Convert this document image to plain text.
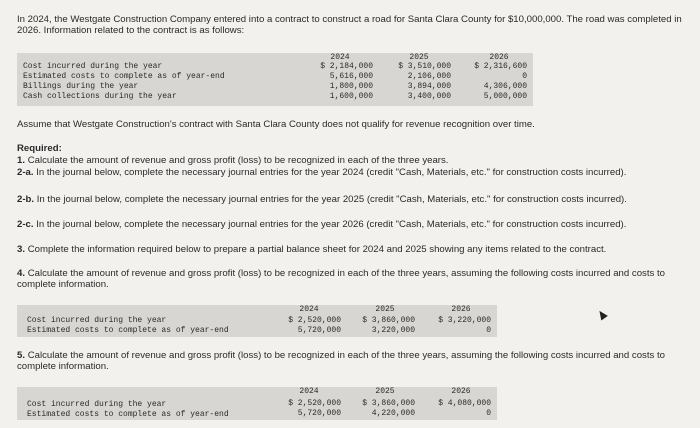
In 2024, the Westgate Construction Company entered into a contract to construct a road for Santa Clara County for $10,000,000. The road was completed in 2026. Information related to the contract is as follows:

2024	2025	2026
Cost incurred during the year	$ 2,184,000	$ 3,510,000	$ 2,316,600
Estimated costs to complete as of year-end	5,616,000	2,106,000	0
Billings during the year	1,800,000	3,894,000	4,306,000
Cash collections during the year	1,600,000	3,400,000	5,000,000

Assume that Westgate Construction's contract with Santa Clara County does not qualify for revenue recognition over time.

Required:

1. Calculate the amount of revenue and gross profit (loss) to be recognized in each of the three years.

2-a. In the journal below, complete the necessary journal entries for the year 2024 (credit "Cash, Materials, etc." for construction costs incurred).

2-b. In the journal below, complete the necessary journal entries for the year 2025 (credit "Cash, Materials, etc." for construction costs incurred).

2-c. In the journal below, complete the necessary journal entries for the year 2026 (credit "Cash, Materials, etc." for construction costs incurred).

3. Complete the information required below to prepare a partial balance sheet for 2024 and 2025 showing any items related to the contract.

4. Calculate the amount of revenue and gross profit (loss) to be recognized in each of the three years, assuming the following costs incurred and costs to complete information.

2024	2025	2026
Cost incurred during the year	$ 2,520,000	$ 3,860,000	$ 3,220,000
Estimated costs to complete as of year-end	5,720,000	3,220,000	0

5. Calculate the amount of revenue and gross profit (loss) to be recognized in each of the three years, assuming the following costs incurred and costs to complete information.

2024	2025	2026
Cost incurred during the year	$ 2,520,000	$ 3,860,000	$ 4,080,000
Estimated costs to complete as of year-end	5,720,000	4,220,000	0
